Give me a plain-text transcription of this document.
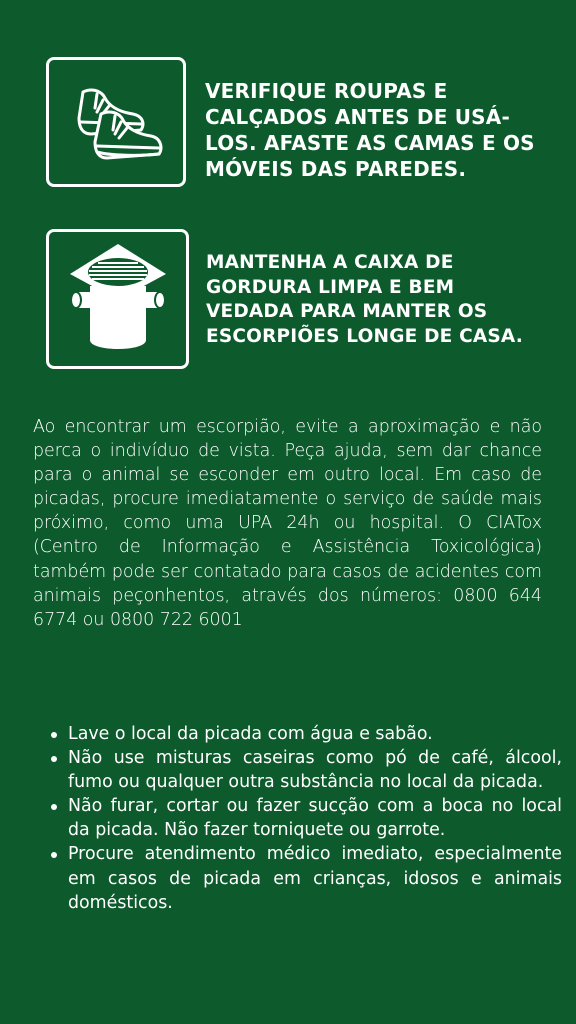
VERIFIQUE ROUPAS E CALÇADOS ANTES DE USÁ-LOS. AFASTE AS CAMAS E OS MÓVEIS DAS PAREDES.
MANTENHA A CAIXA DE GORDURA LIMPA E BEM VEDADA PARA MANTER OS ESCORPIÕES LONGE DE CASA.

Ao encontrar um escorpião, evite a aproximação e não perca o indivíduo de vista. Peça ajuda, sem dar chance para o animal se esconder em outro local. Em caso de picadas, procure imediatamente o serviço de saúde mais próximo, como uma UPA 24h ou hospital. O CIATox (Centro de Informação e Assistência Toxicológica) também pode ser contatado para casos de acidentes com animais peçonhentos, através dos números: 0800 644 6774 ou 0800 722 6001

Lave o local da picada com água e sabão.
Não use misturas caseiras como pó de café, álcool, fumo ou qualquer outra substância no local da picada.
Não furar, cortar ou fazer sucção com a boca no local da picada. Não fazer torniquete ou garrote.
Procure atendimento médico imediato, especialmente em casos de picada em crianças, idosos e animais domésticos.
